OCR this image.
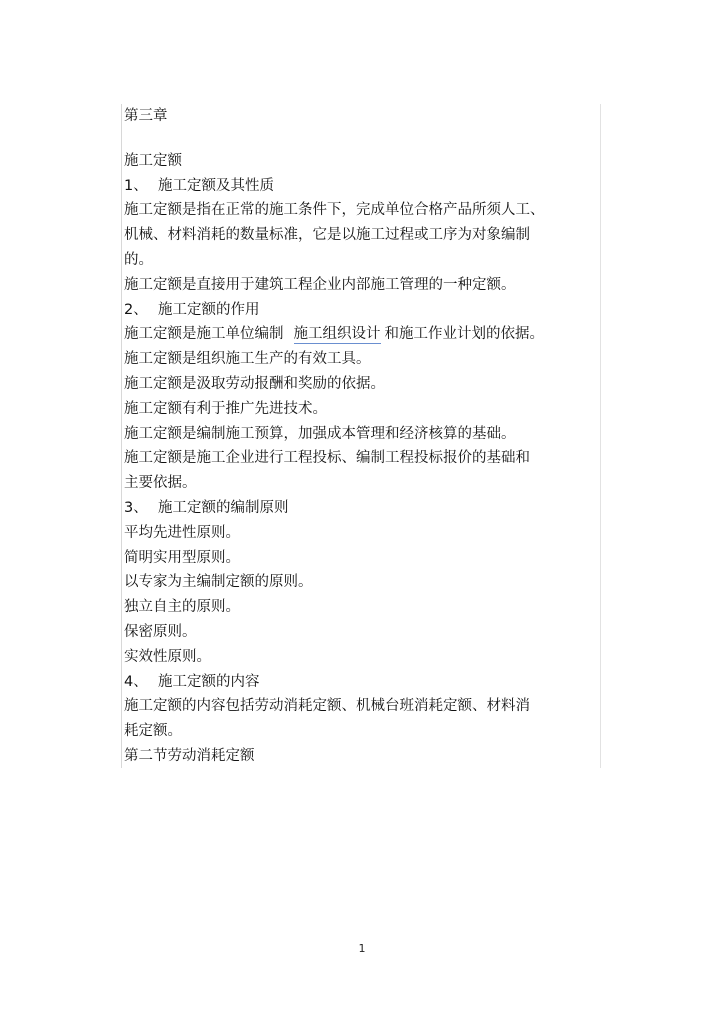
第三章
施工定额
1、 施工定额及其性质
施工定额是指在正常的施工条件下，完成单位合格产品所须人工、
机械、材料消耗的数量标准，它是以施工过程或工序为对象编制
的。
施工定额是直接用于建筑工程企业内部施工管理的一种定额。
2、 施工定额的作用
施工定额是施工单位编制 施工组织设计 和施工作业计划的依据。
施工定额是组织施工生产的有效工具。
施工定额是汲取劳动报酬和奖励的依据。
施工定额有利于推广先进技术。
施工定额是编制施工预算，加强成本管理和经济核算的基础。
施工定额是施工企业进行工程投标、编制工程投标报价的基础和
主要依据。
3、 施工定额的编制原则
平均先进性原则。
简明实用型原则。
以专家为主编制定额的原则。
独立自主的原则。
保密原则。
实效性原则。
4、 施工定额的内容
施工定额的内容包括劳动消耗定额、机械台班消耗定额、材料消
耗定额。
第二节劳动消耗定额
1
